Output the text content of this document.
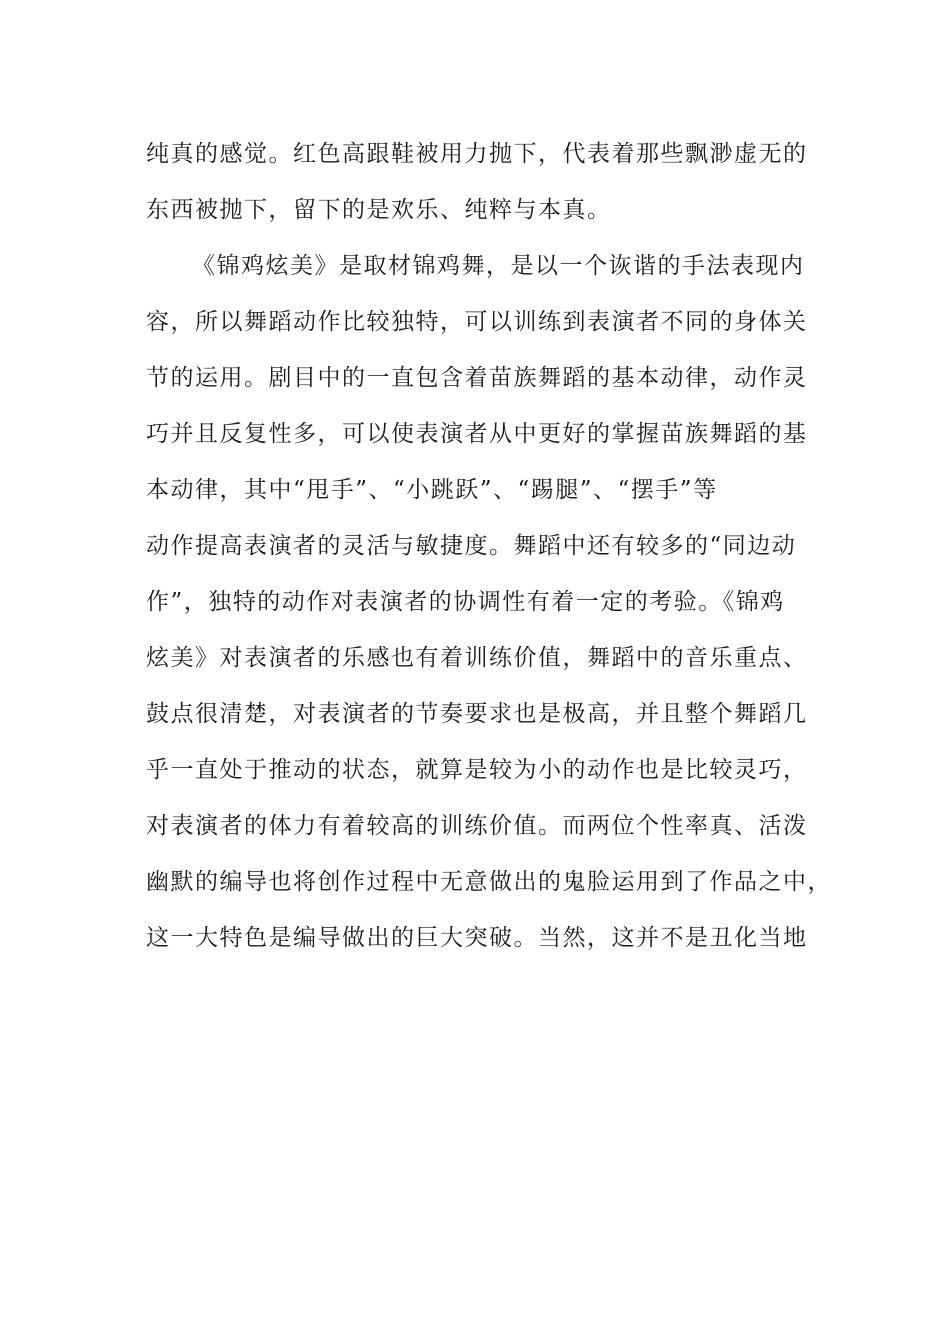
纯真的感觉。红色高跟鞋被用力抛下，代表着那些飘渺虚无的
东西被抛下，留下的是欢乐、纯粹与本真。
《锦鸡炫美》是取材锦鸡舞，是以一个诙谐的手法表现内
容，所以舞蹈动作比较独特，可以训练到表演者不同的身体关
节的运用。剧目中的一直包含着苗族舞蹈的基本动律，动作灵
巧并且反复性多，可以使表演者从中更好的掌握苗族舞蹈的基
本动律，其中“甩手”、“小跳跃”、“踢腿”、“摆手”等
动作提高表演者的灵活与敏捷度。舞蹈中还有较多的“同边动
作”，独特的动作对表演者的协调性有着一定的考验。《锦鸡
炫美》对表演者的乐感也有着训练价值，舞蹈中的音乐重点、
鼓点很清楚，对表演者的节奏要求也是极高，并且整个舞蹈几
乎一直处于推动的状态，就算是较为小的动作也是比较灵巧，
对表演者的体力有着较高的训练价值。而两位个性率真、活泼
幽默的编导也将创作过程中无意做出的鬼脸运用到了作品之中，
这一大特色是编导做出的巨大突破。当然，这并不是丑化当地
